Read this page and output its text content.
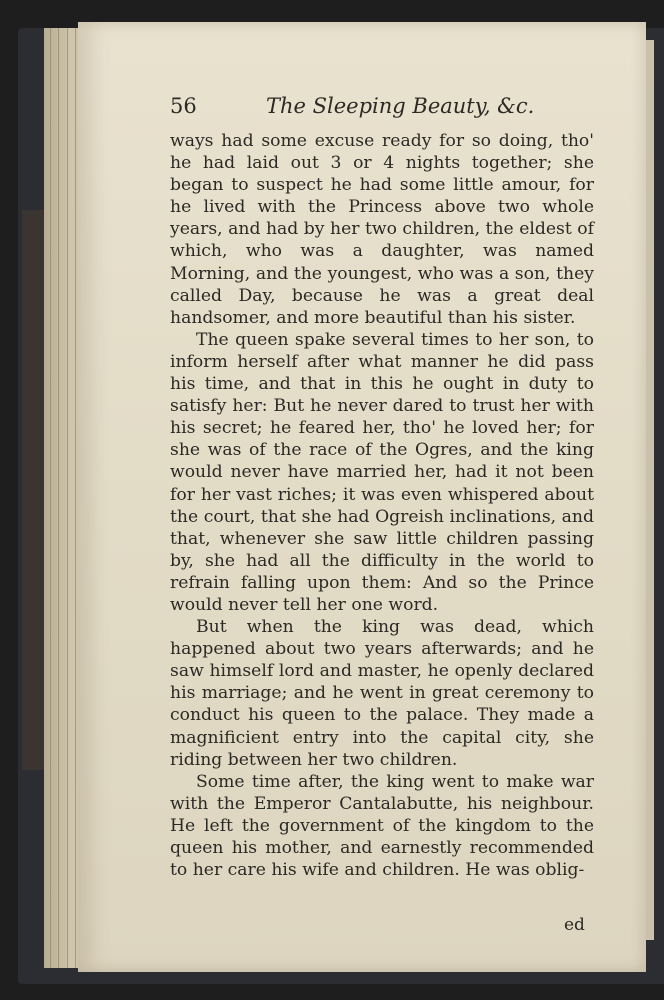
56	The Sleeping Beauty, &c.

ways had some excuse ready for so doing, tho' he had laid out 3 or 4 nights together; she began to suspect he had some little amour, for he lived with the Princess above two whole years, and had by her two children, the eldest of which, who was a daughter, was named Morning, and the youngest, who was a son, they called Day, because he was a great deal handsomer, and more beautiful than his sister.

The queen spake several times to her son, to inform herself after what manner he did pass his time, and that in this he ought in duty to satisfy her: But he never dared to trust her with his secret; he feared her, tho' he loved her; for she was of the race of the Ogres, and the king would never have married her, had it not been for her vast riches; it was even whispered about the court, that she had Ogreish inclinations, and that, whenever she saw little children passing by, she had all the difficulty in the world to refrain falling upon them: And so the Prince would never tell her one word.

But when the king was dead, which happened about two years afterwards; and he saw himself lord and master, he openly declared his marriage; and he went in great ceremony to conduct his queen to the palace. They made a magnificient entry into the capital city, she riding between her two children.

Some time after, the king went to make war with the Emperor Cantalabutte, his neighbour. He left the government of the kingdom to the queen his mother, and earnestly recommended to her care his wife and children. He was oblig-

ed
